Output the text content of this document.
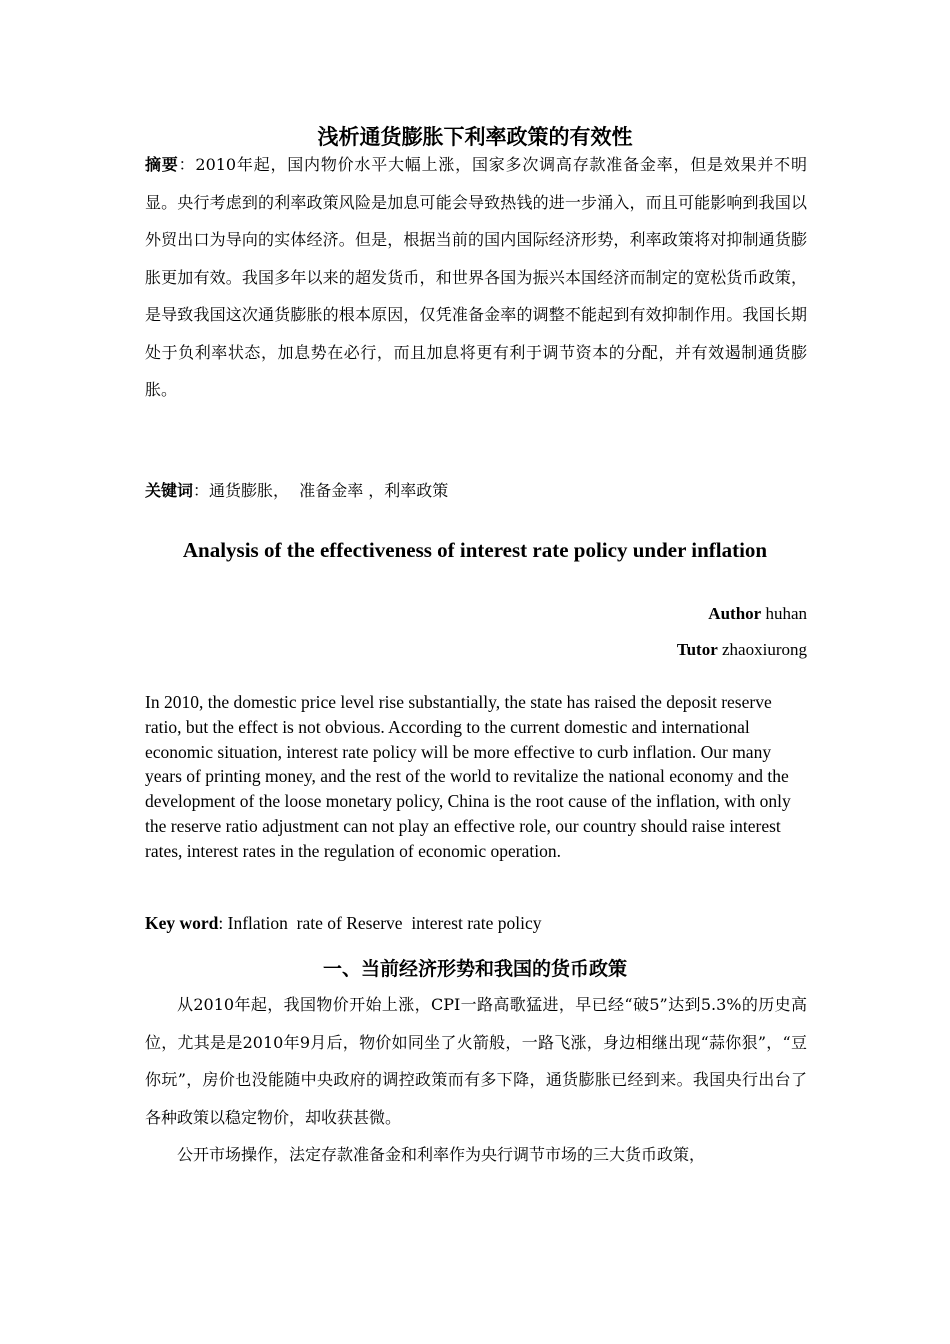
浅析通货膨胀下利率政策的有效性
摘要：2010年起，国内物价水平大幅上涨，国家多次调高存款准备金率，但是效果并不明显。央行考虑到的利率政策风险是加息可能会导致热钱的进一步涌入，而且可能影响到我国以外贸出口为导向的实体经济。但是，根据当前的国内国际经济形势，利率政策将对抑制通货膨胀更加有效。我国多年以来的超发货币，和世界各国为振兴本国经济而制定的宽松货币政策，是导致我国这次通货膨胀的根本原因，仅凭准备金率的调整不能起到有效抑制作用。我国长期处于负利率状态，加息势在必行，而且加息将更有利于调节资本的分配，并有效遏制通货膨胀。
关键词：通货膨胀，  准备金率 ，利率政策
Analysis of the effectiveness of interest rate policy under inflation
Author huhan
Tutor zhaoxiurong
In 2010, the domestic price level rise substantially, the state has raised the deposit reserve ratio, but the effect is not obvious. According to the current domestic and international economic situation, interest rate policy will be more effective to curb inflation. Our many years of printing money, and the rest of the world to revitalize the national economy and the development of the loose monetary policy, China is the root cause of the inflation, with only the reserve ratio adjustment can not play an effective role, our country should raise interest rates, interest rates in the regulation of economic operation.
Key word: Inflation  rate of Reserve  interest rate policy
一、当前经济形势和我国的货币政策

从2010年起，我国物价开始上涨，CPI一路高歌猛进，早已经“破5”达到5.3%的历史高位，尤其是是2010年9月后，物价如同坐了火箭般，一路飞涨，身边相继出现“蒜你狠”，“豆你玩”，房价也没能随中央政府的调控政策而有多下降，通货膨胀已经到来。我国央行出台了各种政策以稳定物价，却收获甚微。

公开市场操作，法定存款准备金和利率作为央行调节市场的三大货币政策，
